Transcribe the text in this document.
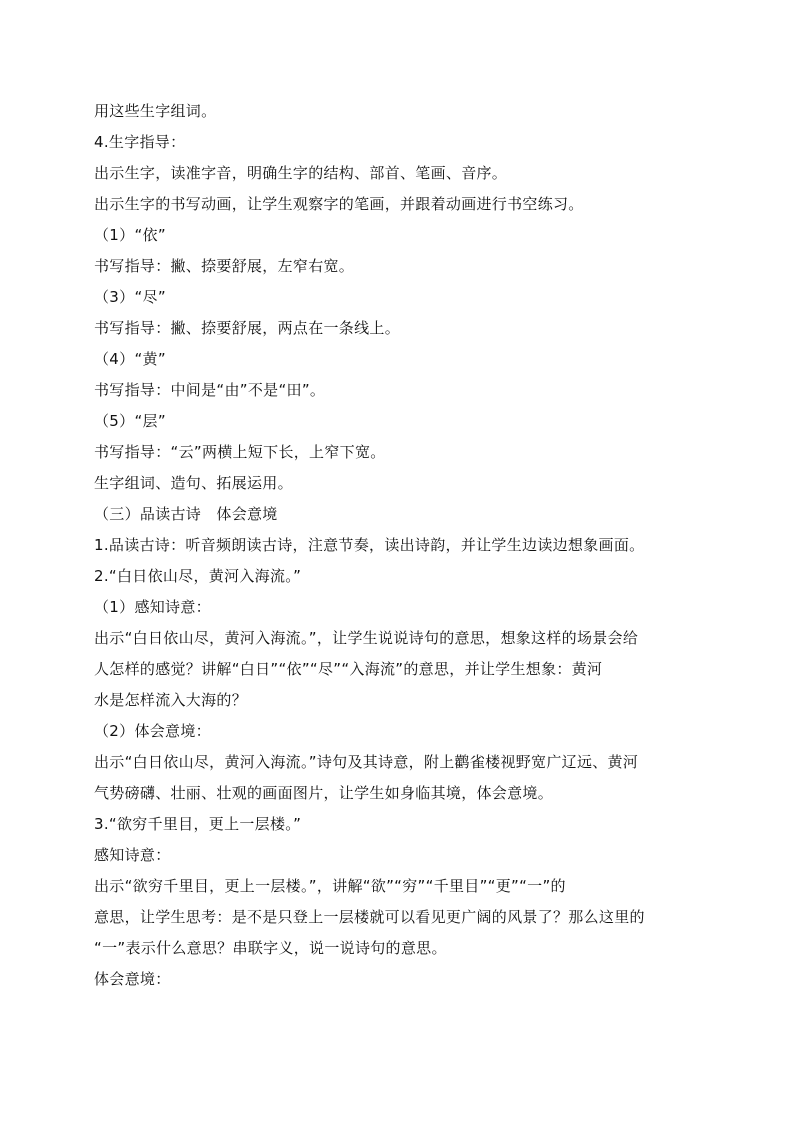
用这些生字组词。
4.生字指导：
出示生字，读准字音，明确生字的结构、部首、笔画、音序。
出示生字的书写动画，让学生观察字的笔画，并跟着动画进行书空练习。
（1）“依”
书写指导：撇、捺要舒展，左窄右宽。
（3）“尽”
书写指导：撇、捺要舒展，两点在一条线上。
（4）“黄”
书写指导：中间是“由”不是“田”。
（5）“层”
书写指导：“云”两横上短下长，上窄下宽。
生字组词、造句、拓展运用。
（三）品读古诗　体会意境
1.品读古诗：听音频朗读古诗，注意节奏，读出诗韵，并让学生边读边想象画面。
2.“白日依山尽，黄河入海流。”
（1）感知诗意：
出示“白日依山尽，黄河入海流。”，让学生说说诗句的意思，想象这样的场景会给
人怎样的感觉？讲解“白日”“依”“尽”“入海流”的意思，并让学生想象：黄河
水是怎样流入大海的？
（2）体会意境：
出示“白日依山尽，黄河入海流。”诗句及其诗意，附上鹳雀楼视野宽广辽远、黄河
气势磅礴、壮丽、壮观的画面图片，让学生如身临其境，体会意境。
3.“欲穷千里目，更上一层楼。”
感知诗意：
出示“欲穷千里目，更上一层楼。”，讲解“欲”“穷”“千里目”“更”“一”的
意思，让学生思考：是不是只登上一层楼就可以看见更广阔的风景了？那么这里的
“一”表示什么意思？串联字义，说一说诗句的意思。
体会意境：
